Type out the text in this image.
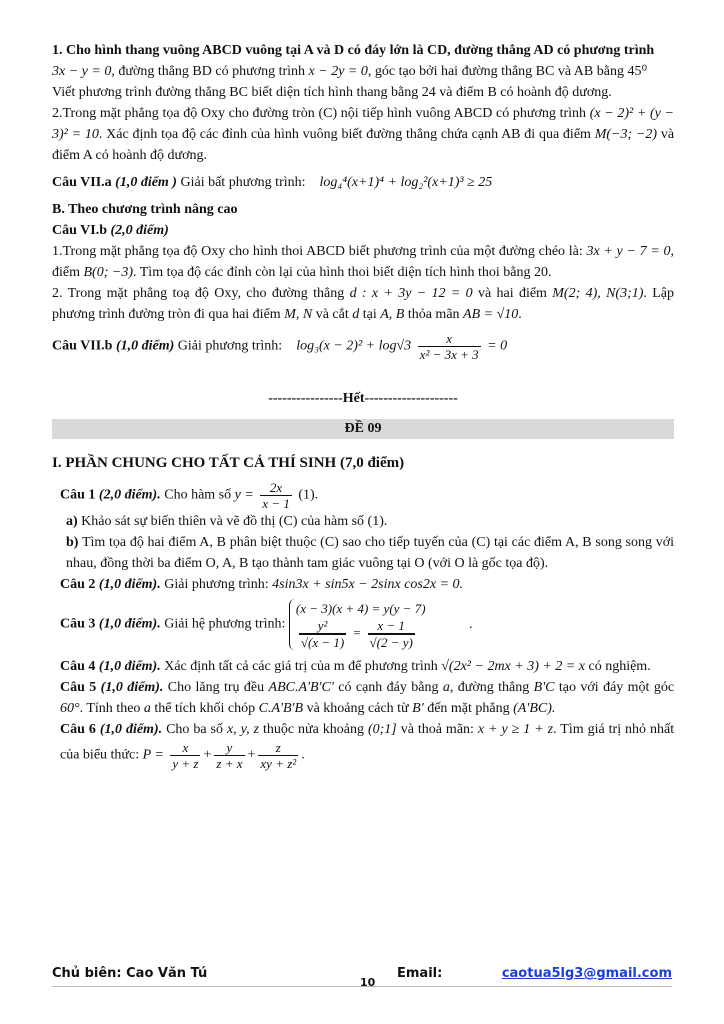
1. Cho hình thang vuông ABCD vuông tại A và D có đáy lớn là CD, đường thẳng AD có phương trình
3x − y = 0, đường thẳng BD có phương trình x − 2y = 0, góc tạo bởi hai đường thẳng BC và AB bằng 45⁰
Viết phương trình đường thẳng BC biết diện tích hình thang bằng 24 và điểm B có hoành độ dương.

2.Trong mặt phẳng tọa độ Oxy cho đường tròn (C) nội tiếp hình vuông ABCD có phương trình (x − 2)² + (y − 3)² = 10. Xác định tọa độ các đỉnh của hình vuông biết đường thẳng chứa cạnh AB đi qua điểm M(−3; −2) và điểm A có hoành độ dương.

Câu VII.a (1,0 điểm ) Giải bất phương trình: log₄⁴(x+1)⁴ + log₂²(x+1)³ ≥ 25

B. Theo chương trình nâng cao

Câu VI.b (2,0 điểm)

1.Trong mặt phẳng tọa độ Oxy cho hình thoi ABCD biết phương trình của một đường chéo là: 3x + y − 7 = 0, điểm B(0; −3). Tìm tọa độ các đỉnh còn lại của hình thoi biết diện tích hình thoi bằng 20.

2. Trong mặt phẳng toạ độ Oxy, cho đường thẳng d : x + 3y − 12 = 0 và hai điểm M(2; 4), N(3;1). Lập phương trình đường tròn đi qua hai điểm M, N và cắt d tại A, B thỏa mãn AB = √10.

Câu VII.b (1,0 điểm) Giải phương trình: $\log_3(x - 2)^2 + \log√3 \frac{x}{\text{x² − 3x + 3}} = 0$

----------------Hết--------------------

ĐỀ 09

I. PHẦN CHUNG CHO TẤT CẢ THÍ SINH (7,0 điểm)

Câu 1 (2,0 điểm). Cho hàm số $y = \frac{2x}{x - 1} (1)$.

a) Khảo sát sự biến thiên và vẽ đồ thị (C) của hàm số (1).

b) Tìm tọa độ hai điểm A, B phân biệt thuộc (C) sao cho tiếp tuyến của (C) tại các điểm A, B song song với nhau, đồng thời ba điểm O, A, B tạo thành tam giác vuông tại O (với O là gốc tọa độ).

Câu 2 (1,0 điểm). Giải phương trình: 4sin3x + sin5x − 2sinx cos2x = 0.

Câu 3 (1,0 điểm). Giải hệ phương trình: (x − 3)(x + 4) = y(y − 7)

$\frac{\text{y²}}{√(x - 1)} = \frac{x - 1}{√(2 - y)}$	.

Câu 4 (1,0 điểm). Xác định tất cả các giá trị của m để phương trình √(2x² − 2mx + 3) + 2 = x có nghiệm.

Câu 5 (1,0 điểm). Cho lăng trụ đều ABC.A'B'C' có cạnh đáy bằng a, đường thẳng B'C tạo với đáy một góc 60°. Tính theo a thể tích khối chóp C.A'B'B và khoảng cách từ B' đến mặt phẳng (A'BC).

Câu 6 (1,0 điểm). Cho ba số x, y, z thuộc nửa khoảng (0;1] và thoả mãn: x + y ≥ 1 + z. Tìm giá trị nhỏ nhất của biểu thức: $P = \frac{x}{y + z} + \frac{y}{z + x} + \frac{z}{\text{xy + z²}}$ .

Chủ biên: Cao Văn Tú	Email:	caotua5lg3@gmail.com
10
